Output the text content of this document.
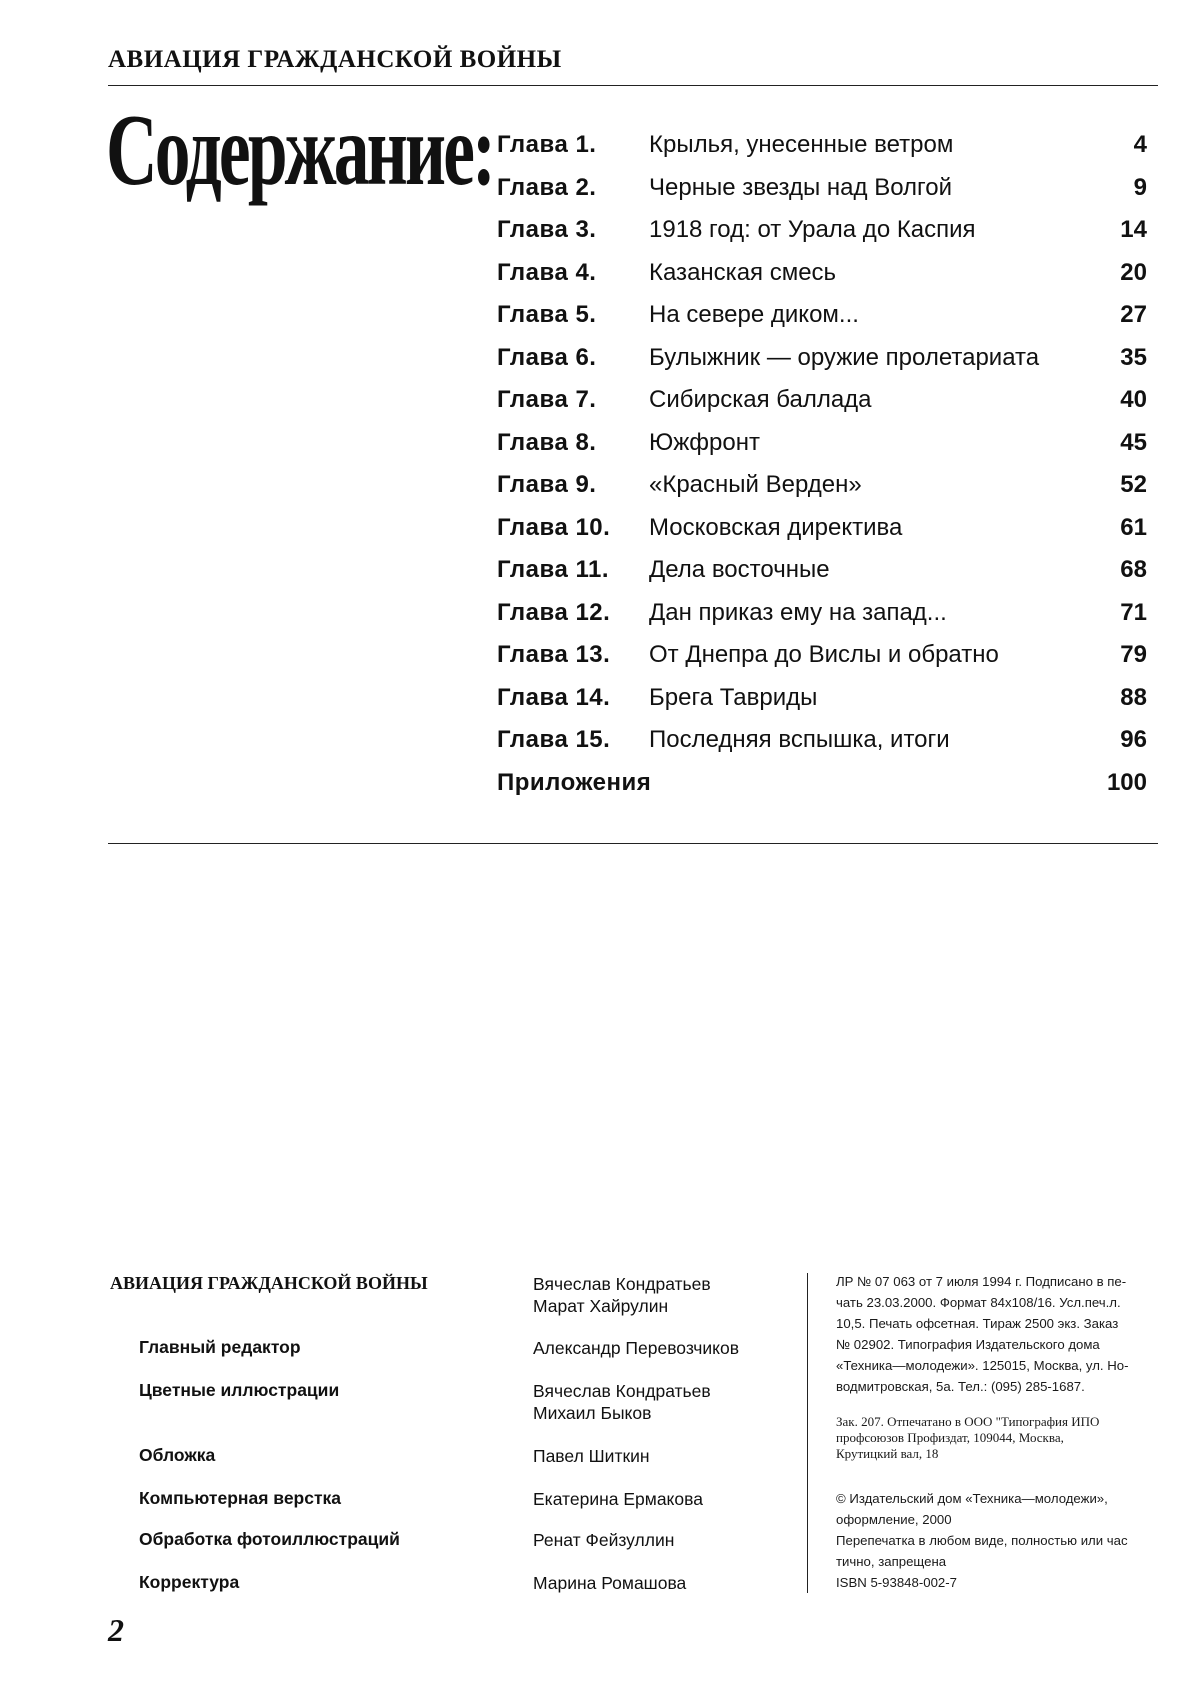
АВИАЦИЯ ГРАЖДАНСКОЙ ВОЙНЫ
Содержание: Глава 1. Крылья, унесенные ветром	4
Глава 2. Черные звезды над Волгой	9
Глава 3. 1918 год: от Урала до Каспия	14
Глава 4. Казанская смесь	20
Глава 5. На севере диком...	27
Глава 6. Булыжник — оружие пролетариата	35
Глава 7. Сибирская баллада	40
Глава 8. Южфронт	45
Глава 9. «Красный Верден»	52
Глава 10. Московская директива	61
Глава 11. Дела восточные	68
Глава 12. Дан приказ ему на запад...	71
Глава 13. От Днепра до Вислы и обратно	79
Глава 14. Брега Тавриды	88
Глава 15. Последняя вспышка, итоги	96
Приложения	100
АВИАЦИЯ ГРАЖДАНСКОЙ ВОЙНЫ	Вячеслав Кондратьев
Марат Хайрулин
Главный редактор	Александр Перевозчиков
Цветные иллюстрации	Вячеслав Кондратьев
Михаил Быков
Обложка	Павел Шиткин
Компьютерная верстка	Екатерина Ермакова
Обработка фотоиллюстраций	Ренат Фейзуллин
Корректура	Марина Ромашова
ЛР № 07 063 от 7 июля 1994 г. Подписано в пе-
чать 23.03.2000. Формат 84х108/16. Усл.печ.л.
10,5. Печать офсетная. Тираж 2500 экз. Заказ
№ 02902. Типография Издательского дома
«Техника—молодежи». 125015, Москва, ул. Но-
водмитровская, 5а. Тел.: (095) 285-1687.
Зак. 207. Отпечатано в ООО "Типография ИПО
профсоюзов Профиздат, 109044, Москва,
Крутицкий вал, 18
© Издательский дом «Техника—молодежи»,
оформление, 2000
Перепечатка в любом виде, полностью или час
тично, запрещена
ISBN 5-93848-002-7
2
